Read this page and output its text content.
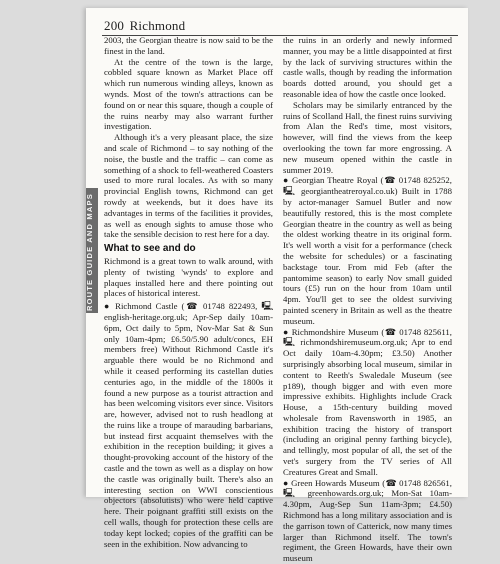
200 Richmond

2003, the Georgian theatre is now said to be the finest in the land.

At the centre of the town is the large, cobbled square known as Market Place off which run numerous winding alleys, known as wynds. Most of the town's attractions can be found on or near this square, though a couple of the ruins nearby may also warrant further investigation.

Although it's a very pleasant place, the size and scale of Richmond – to say nothing of the noise, the bustle and the traffic – can come as something of a shock to fell-weathered Coasters used to more rural locales. As with so many provincial English towns, Richmond can get rowdy at weekends, but it does have its advantages in terms of the facilities it provides, as well as enough sights to amuse those who take the sensible decision to rest here for a day.

What to see and do

Richmond is a great town to walk around, with plenty of twisting 'wynds' to explore and plaques installed here and there pointing out places of historical interest.

● Richmond Castle (☎ 01748 822493, 🖳 english-heritage.org.uk; Apr-Sep daily 10am-6pm, Oct daily to 5pm, Nov-Mar Sat & Sun only 10am-4pm; £6.50/5.90 adult/concs, EH members free) Without Richmond Castle it's arguable there would be no Richmond and while it ceased performing its castellan duties centuries ago, in the middle of the 1800s it found a new purpose as a tourist attraction and has been welcoming visitors ever since. Visitors are, however, advised not to rush headlong at the ruins like a troupe of marauding barbarians, but instead first acquaint themselves with the exhibition in the reception building; it gives a thought-provoking account of the history of the castle and the town as well as a display on how the castle was originally built. There's also an interesting section on WWI conscientious objectors (absolutists) who were held captive here. Their poignant graffiti still exists on the cell walls, though for protection these cells are today kept locked; copies of the graffiti can be seen in the exhibition. Now advancing to

the ruins in an orderly and newly informed manner, you may be a little disappointed at first by the lack of surviving structures within the castle walls, though by reading the information boards dotted around, you should get a reasonable idea of how the castle once looked.

Scholars may be similarly entranced by the ruins of Scolland Hall, the finest ruins surviving from Alan the Red's time, most visitors, however, will find the views from the keep overlooking the town far more engrossing. A new museum opened within the castle in summer 2019.

● Georgian Theatre Royal (☎ 01748 825252, 🖳 georgiantheatreroyal.co.uk) Built in 1788 by actor-manager Samuel Butler and now beautifully restored, this is the most complete Georgian theatre in the country as well as being the oldest working theatre in its original form. It's well worth a visit for a performance (check the website for schedules) or a fascinating backstage tour. From mid Feb (after the pantomime season) to early Nov small guided tours (£5) run on the hour from 10am until 4pm. You'll get to see the oldest surviving painted scenery in Britain as well as the theatre museum.

● Richmondshire Museum (☎ 01748 825611, 🖳 richmondshiremuseum.org.uk; Apr to end Oct daily 10am-4.30pm; £3.50) Another surprisingly absorbing local museum, similar in content to Reeth's Swaledale Museum (see p189), though bigger and with even more impressive exhibits. Highlights include Crack House, a 15th-century building moved wholesale from Ravensworth in 1985, an exhibition tracing the history of transport (including an original penny farthing bicycle), and tellingly, most popular of all, the set of the vet's surgery from the TV series of All Creatures Great and Small.

● Green Howards Museum (☎ 01748 826561, 🖳 greenhowards.org.uk; Mon-Sat 10am-4.30pm, Aug-Sep Sun 11am-3pm; £4.50) Richmond has a long military association and is the garrison town of Catterick, now many times larger than Richmond itself. The town's regiment, the Green Howards, have their own museum
